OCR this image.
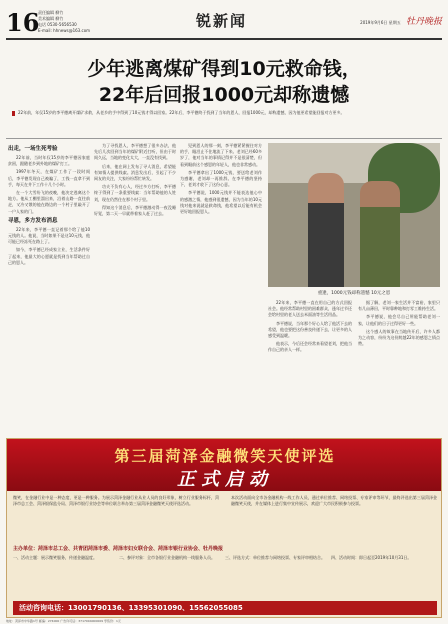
16
责任编辑 柳竹
美术编辑 柳竹
电话 0530-5656530
E-mail: hhnews@163.com
锐新闻	2019年9月6日 星期五 牡丹晚报
少年逃离煤矿得到10元救命钱，
22年后回报1000元却称遗憾
22年前，年仅15岁的李平德离开煤矿求救，从老乡的手中得到了10元钱才得以回家。22年后，李平德终于找到了当年的恩人，回报1000元，却称遗憾，因为他更希望能回报对方更多。
出走，一场生死考验

22年前，当时年仅15岁的李平德因家庭贫困，跟随老乡到外地的煤矿打工。

1997年冬天，在煤矿工作了一段时间后，李平德发现自己被骗了，工钱一直拿不到手，每天在井下工作十几个小时。

在一个大雪纷飞的夜晚，他决定逃离这个地方。他从工棚里溜出来，沿着山路一直往前走，又冷又饿的他在路边的一个村子里敲开了一户人家的门。

寻恩，多方发布消息

22年来，李平德一直记着那个给了他10元钱的人。他说，当时如果不是这10元钱，他可能已经冻死在路上了。

如今，李平德已经成家立业，生活条件好了起来，他最大的心愿就是找到当年帮助过自己的恩人。

为了寻找恩人，李平德想了很多办法，他先后几次回到当年的煤矿附近打听，但由于时间久远，当地的变化太大，一直没有找到。

后来，他在网上发布了寻人消息，希望能有知情人提供线索。消息发出后，引起了不少网友的关注，大家纷纷帮忙转发。

功夫不负有心人，经过多方打听，李平德终于得到了一条重要线索：当年帮助他的人姓刘，现在仍然住在那个村子里。

得知这个消息后，李平德激动得一夜没睡好觉，第二天一早就带着家人赶了过去。

见到恩人的那一刻，李平德紧紧握住对方的手，眼泪止不住地流了下来。老刘已经60多岁了，他对当年的事情记得并不是很清楚，但看到眼前这个感恩的年轻人，他也非常感动。

李平德拿出了1000元钱，要送给老刘作为感谢，老刘却一再推辞。在李平德的坚持下，老刘才收下了这份心意。

李平德说，1000元钱并不能表达他心中的感激之情，他感到很遗憾，因为当年的10元钱对他来说就是救命钱，他希望以后能有机会更好地回报恩人。

重逢，1000元钱却称遗憾 10元之恩

22年来，李平德一直在用自己的方式回报社会。他经常帮助村里的困难群众，逢年过节还会给村里的老人送去米面油等生活用品。

李平德说，当年那个好心人给了他活下去的希望，他也要把这份善良传递下去，让更多的人感受到温暖。

他表示，今后还会经常来看望老刘，把他当作自己的亲人一样。

据了解，老刘一家生活并不富裕，家里只有几亩薄田，平时靠种地和打零工维持生活。

李平德说，他会尽自己所能帮助老刘一家，让他们的日子过得更好一些。

这个感人的故事在当地传开后，许多人都为之动容，纷纷为这份跨越22年的感恩之情点赞。

第三届菏泽金融微笑天使评选
正式启动
微笑，在金融行业中是一种态度，更是一种服务。为展示菏泽金融行业从业人员的良好形象，树立行业服务标杆，菏泽市总工会、菏泽银保监分局、菏泽市银行业协会等单位联合举办第三届菏泽金融微笑天使评选活动。
本次活动面向全市各金融机构一线工作人员，通过单位推荐、网络投票、专家评审等环节，最终评选出第三届菏泽金融微笑天使，并在媒体上进行集中宣传展示，欢迎广大市民积极参与投票。
主办单位：菏泽市总工会、共青团菏泽市委、菏泽市妇女联合会、菏泽市银行业协会、牡丹晚报
一、活动主题：展示微笑服务，传递金融温度。	二、参评对象：全市各银行业金融机构一线服务人员。	三、评选方式：单位推荐与网络投票、专家评审相结合。 四、活动时间：即日起至2019年10月31日。
活动咨询电话：13001790136、13395301090、15562055085
地址：菏泽市中华路1号 邮编：274000 广告许可证：3717004000009 零售价：1元
